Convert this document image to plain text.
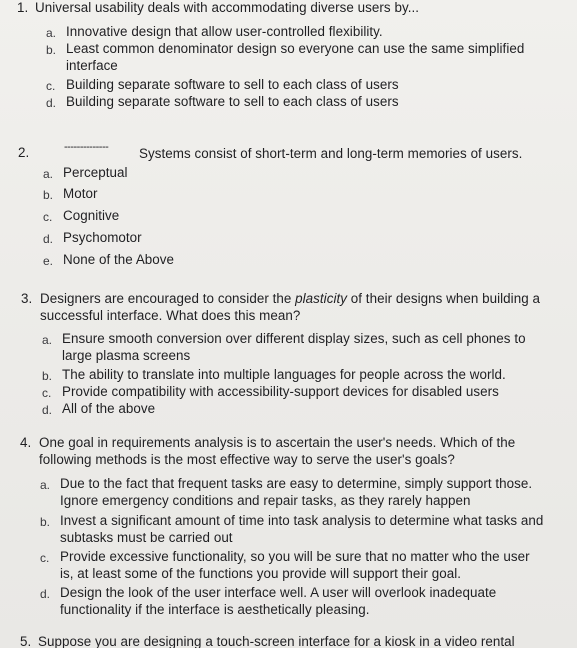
1. Universal usability deals with accommodating diverse users by...
a. Innovative design that allow user-controlled flexibility.
b. Least common denominator design so everyone can use the same simplified
interface
c. Building separate software to sell to each class of users
d. Building separate software to sell to each class of users
2.	-------------- Systems consist of short-term and long-term memories of users.
a. Perceptual
b. Motor
c. Cognitive
d. Psychomotor
e. None of the Above
3. Designers are encouraged to consider the plasticity of their designs when building a
successful interface. What does this mean?
a. Ensure smooth conversion over different display sizes, such as cell phones to
large plasma screens
b. The ability to translate into multiple languages for people across the world.
c. Provide compatibility with accessibility-support devices for disabled users
d. All of the above
4. One goal in requirements analysis is to ascertain the user's needs. Which of the
following methods is the most effective way to serve the user's goals?
a. Due to the fact that frequent tasks are easy to determine, simply support those.
Ignore emergency conditions and repair tasks, as they rarely happen
b. Invest a significant amount of time into task analysis to determine what tasks and
subtasks must be carried out
c. Provide excessive functionality, so you will be sure that no matter who the user
is, at least some of the functions you provide will support their goal.
d. Design the look of the user interface well. A user will overlook inadequate
functionality if the interface is aesthetically pleasing.
5. Suppose you are designing a touch-screen interface for a kiosk in a video rental
